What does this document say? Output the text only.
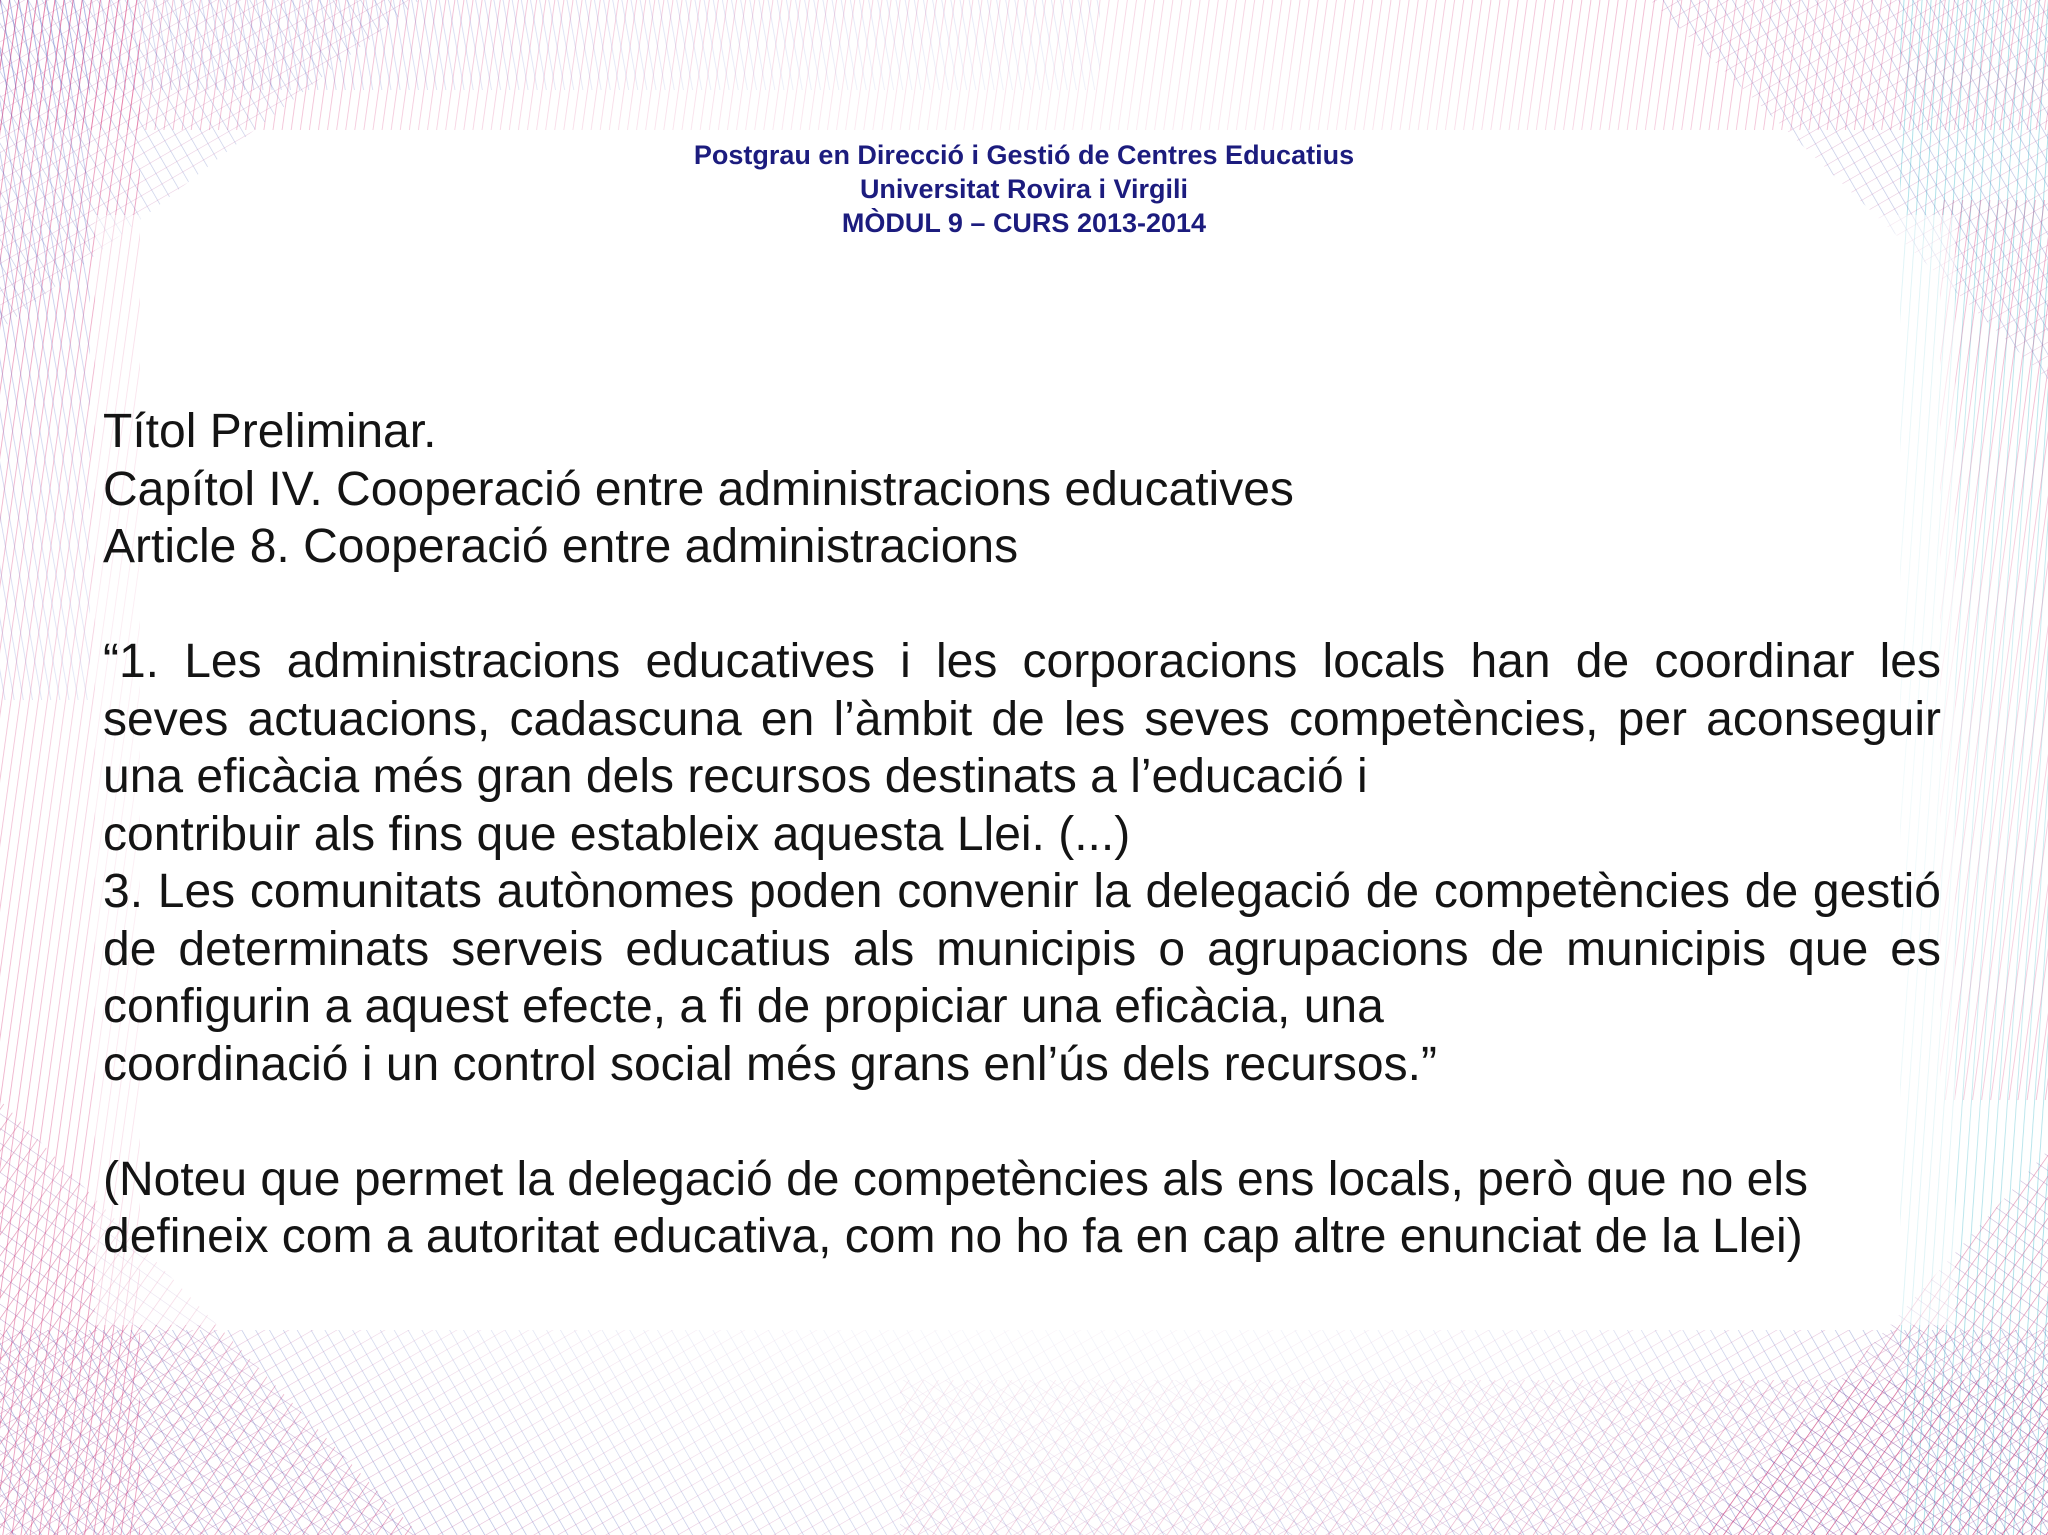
Postgrau en Direcció i Gestió de Centres Educatius
Universitat Rovira i Virgili
MÒDUL 9 – CURS 2013-2014

Títol Preliminar.

Capítol IV. Cooperació entre administracions educatives

Article 8. Cooperació entre administracions

“1. Les administracions educatives i les corporacions locals han de coordinar les seves actuacions, cadascuna en l’àmbit de les seves competències, per aconseguir una eficàcia més gran dels recursos destinats a l’educació i

contribuir als fins que estableix aquesta Llei. (...)

3. Les comunitats autònomes poden convenir la delegació de competències de gestió de determinats serveis educatius als municipis o agrupacions de municipis que es configurin a aquest efecte, a fi de propiciar una eficàcia, una

coordinació i un control social més grans enl’ús dels recursos.”

(Noteu que permet la delegació de competències als ens locals, però que no els

defineix com a autoritat educativa, com no ho fa en cap altre enunciat de la Llei)
